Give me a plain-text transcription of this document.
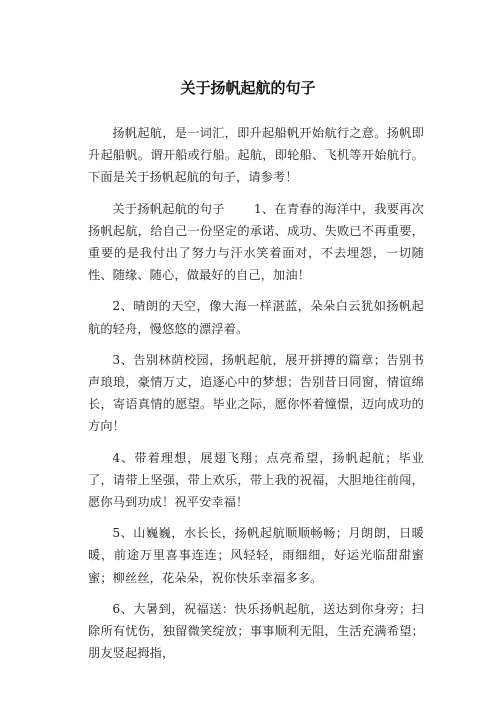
关于扬帆起航的句子

扬帆起航，是一词汇，即升起船帆开始航行之意。扬帆即升起船帆。谓开船或行船。起航，即轮船、飞机等开始航行。下面是关于扬帆起航的句子，请参考！

关于扬帆起航的句子　　 1、在青春的海洋中，我要再次扬帆起航，给自己一份坚定的承诺、成功、失败已不再重要，重要的是我付出了努力与汗水笑着面对，不去埋怨，一切随性、随缘、随心，做最好的自己，加油！

2、晴朗的天空，像大海一样湛蓝，朵朵白云犹如扬帆起航的轻舟，慢悠悠的漂浮着。

3、告别林荫校园，扬帆起航，展开拼搏的篇章；告别书声琅琅，豪情万丈，追逐心中的梦想；告别昔日同窗，情谊绵长，寄语真情的愿望。毕业之际，愿你怀着憧憬，迈向成功的方向！

4、带着理想，展翅飞翔；点亮希望，扬帆起航；毕业了，请带上坚强，带上欢乐，带上我的祝福，大胆地往前闯，愿你马到功成！祝平安幸福！

5、山巍巍，水长长，扬帆起航顺顺畅畅；月朗朗，日暖暖，前途万里喜事连连；风轻轻，雨细细，好运光临甜甜蜜蜜；柳丝丝，花朵朵，祝你快乐幸福多多。

6、大暑到，祝福送：快乐扬帆起航，送达到你身旁；扫除所有忧伤，独留微笑绽放；事事顺利无阻，生活充满希望；朋友竖起拇指，
